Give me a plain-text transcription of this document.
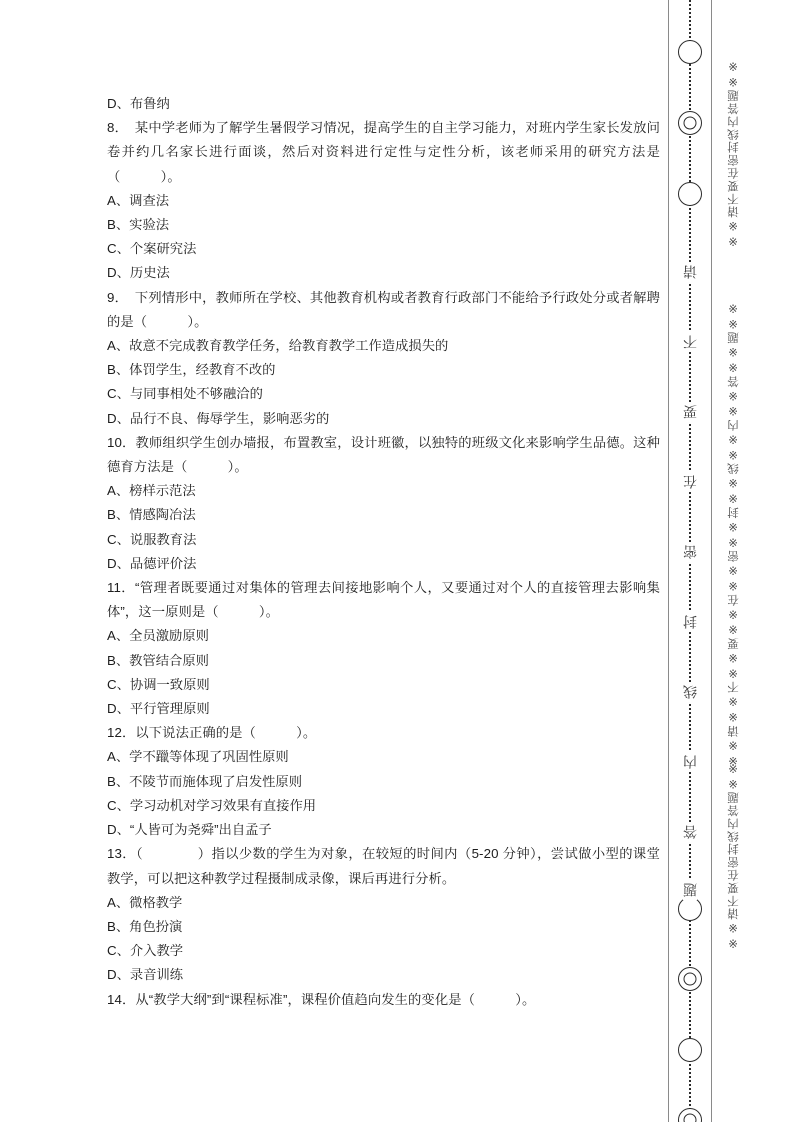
D、布鲁纳
8．　某中学老师为了解学生暑假学习情况，提高学生的自主学习能力，对班内学生家长发放问卷并约几名家长进行面谈，然后对资料进行定性与定性分析，该老师采用的研究方法是（　　　）。
A、调查法
B、实验法
C、个案研究法
D、历史法
9．　下列情形中，教师所在学校、其他教育机构或者教育行政部门不能给予行政处分或者解聘的是（　　　）。
A、故意不完成教育教学任务，给教育教学工作造成损失的
B、体罚学生，经教育不改的
C、与同事相处不够融洽的
D、品行不良、侮辱学生，影响恶劣的
10．教师组织学生创办墙报，布置教室，设计班徽，以独特的班级文化来影响学生品德。这种德育方法是（　　　）。
A、榜样示范法
B、情感陶冶法
C、说服教育法
D、品德评价法
11．“管理者既要通过对集体的管理去间接地影响个人，又要通过对个人的直接管理去影响集体”，这一原则是（　　　）。
A、全员激励原则
B、教管结合原则
C、协调一致原则
D、平行管理原则
12．以下说法正确的是（　　　）。
A、学不躐等体现了巩固性原则
B、不陵节而施体现了启发性原则
C、学习动机对学习效果有直接作用
D、“人皆可为尧舜”出自孟子
13．（　　　　）指以少数的学生为对象，在较短的时间内（5-20 分钟），尝试做小型的课堂教学，可以把这种教学过程摄制成录像，课后再进行分析。
A、微格教学
B、角色扮演
C、介入教学
D、录音训练
14．从“教学大纲”到“课程标准”，课程价值趋向发生的变化是（　　　）。
请
不
要
在
密
封
线
内
答
题
※※请不要在密封线内答题※※
※※请※※不※※要※※在※※密※※封※※线※※内※※答※※题※※
※※请不要在密封线内答题※※
